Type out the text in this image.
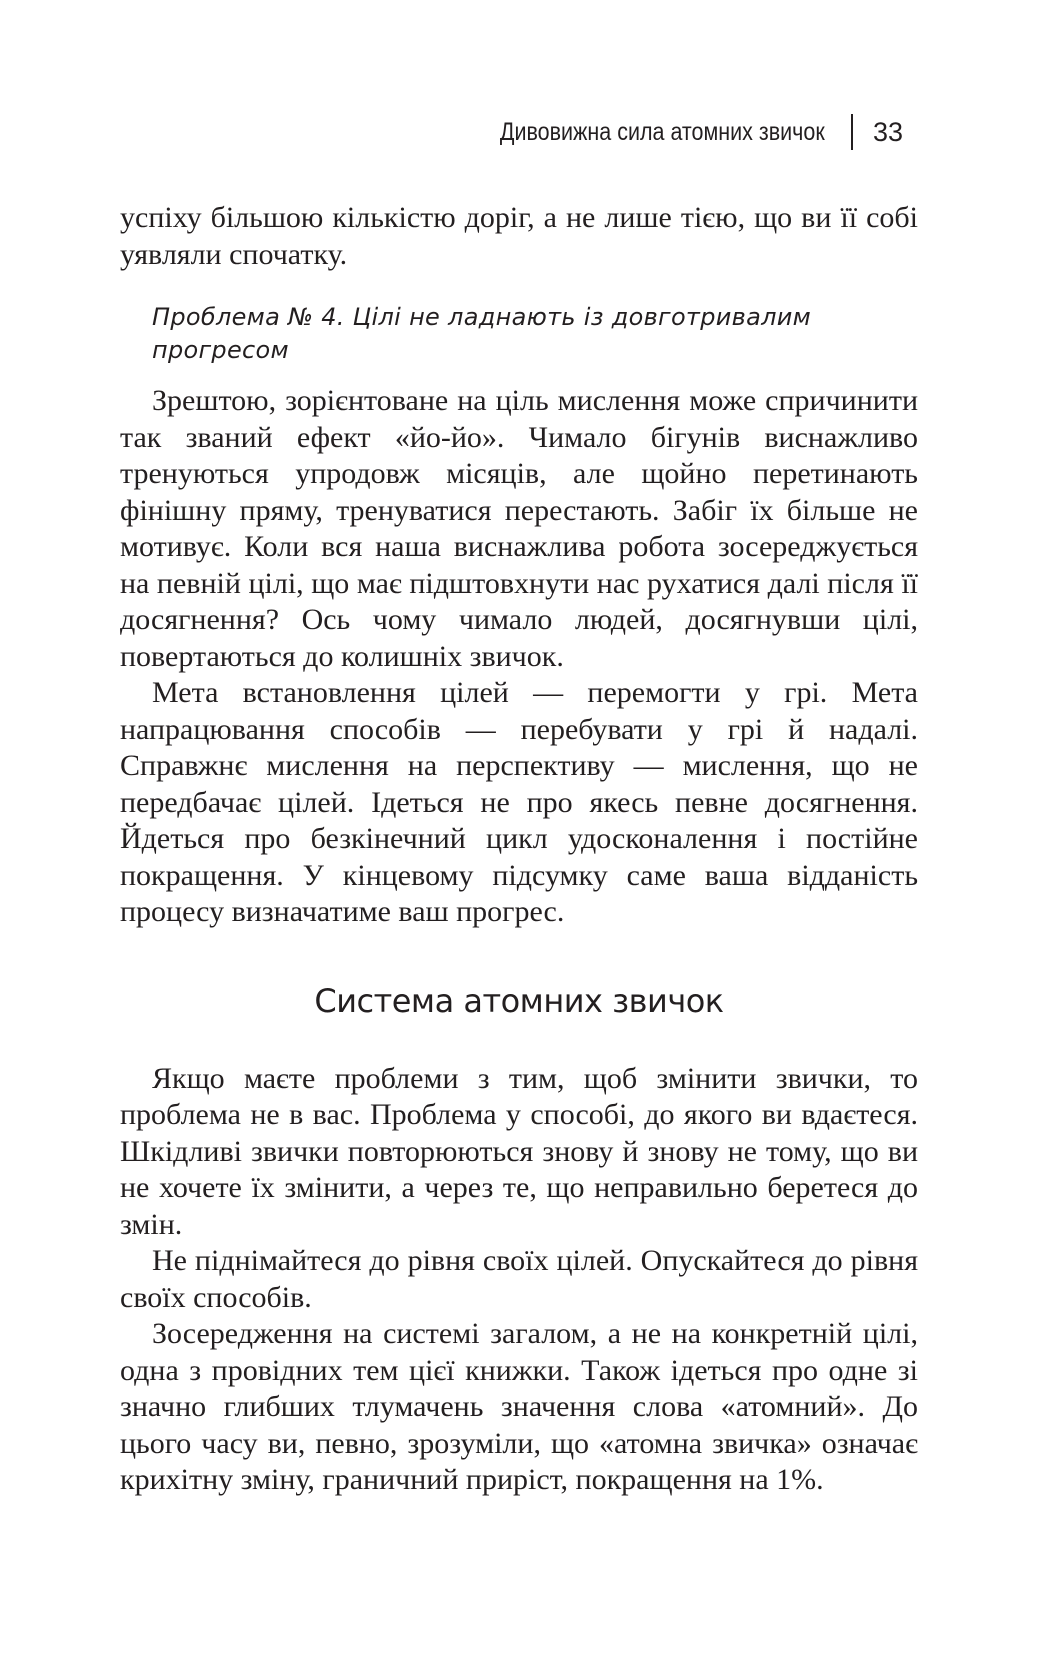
Дивовижна сила атомних звичок 33

успіху більшою кількістю доріг, а не лише тією, що ви її собі уявляли спочатку.

Проблема № 4. Цілі не ладнають із довготривалим прогресом

Зрештою, зорієнтоване на ціль мислення може спричинити так званий ефект «йо-йо». Чимало бігунів виснажливо тренуються упродовж місяців, але щойно перетинають фінішну пряму, тренуватися перестають. Забіг їх більше не мотивує. Коли вся наша виснажлива робота зосереджується на певній цілі, що має підштовхнути нас рухатися далі після її досягнення? Ось чому чимало людей, досягнувши цілі, повертаються до колишніх звичок.

Мета встановлення цілей — перемогти у грі. Мета напрацювання способів — перебувати у грі й надалі. Справжнє мислення на перспективу — мислення, що не передбачає цілей. Ідеться не про якесь певне досягнення. Йдеться про безкінечний цикл удосконалення і постійне покращення. У кінцевому підсумку саме ваша відданість процесу визначатиме ваш прогрес.

Система атомних звичок

Якщо маєте проблеми з тим, щоб змінити звички, то проблема не в вас. Проблема у способі, до якого ви вдаєтеся. Шкідливі звички повторюються знову й знову не тому, що ви не хочете їх змінити, а через те, що неправильно беретеся до змін.

Не піднімайтеся до рівня своїх цілей. Опускайтеся до рівня своїх способів.

Зосередження на системі загалом, а не на конкретній цілі, одна з провідних тем цієї книжки. Також ідеться про одне зі значно глибших тлумачень значення слова «атомний». До цього часу ви, певно, зрозуміли, що «атомна звичка» означає крихітну зміну, граничний приріст, покращення на 1%.
